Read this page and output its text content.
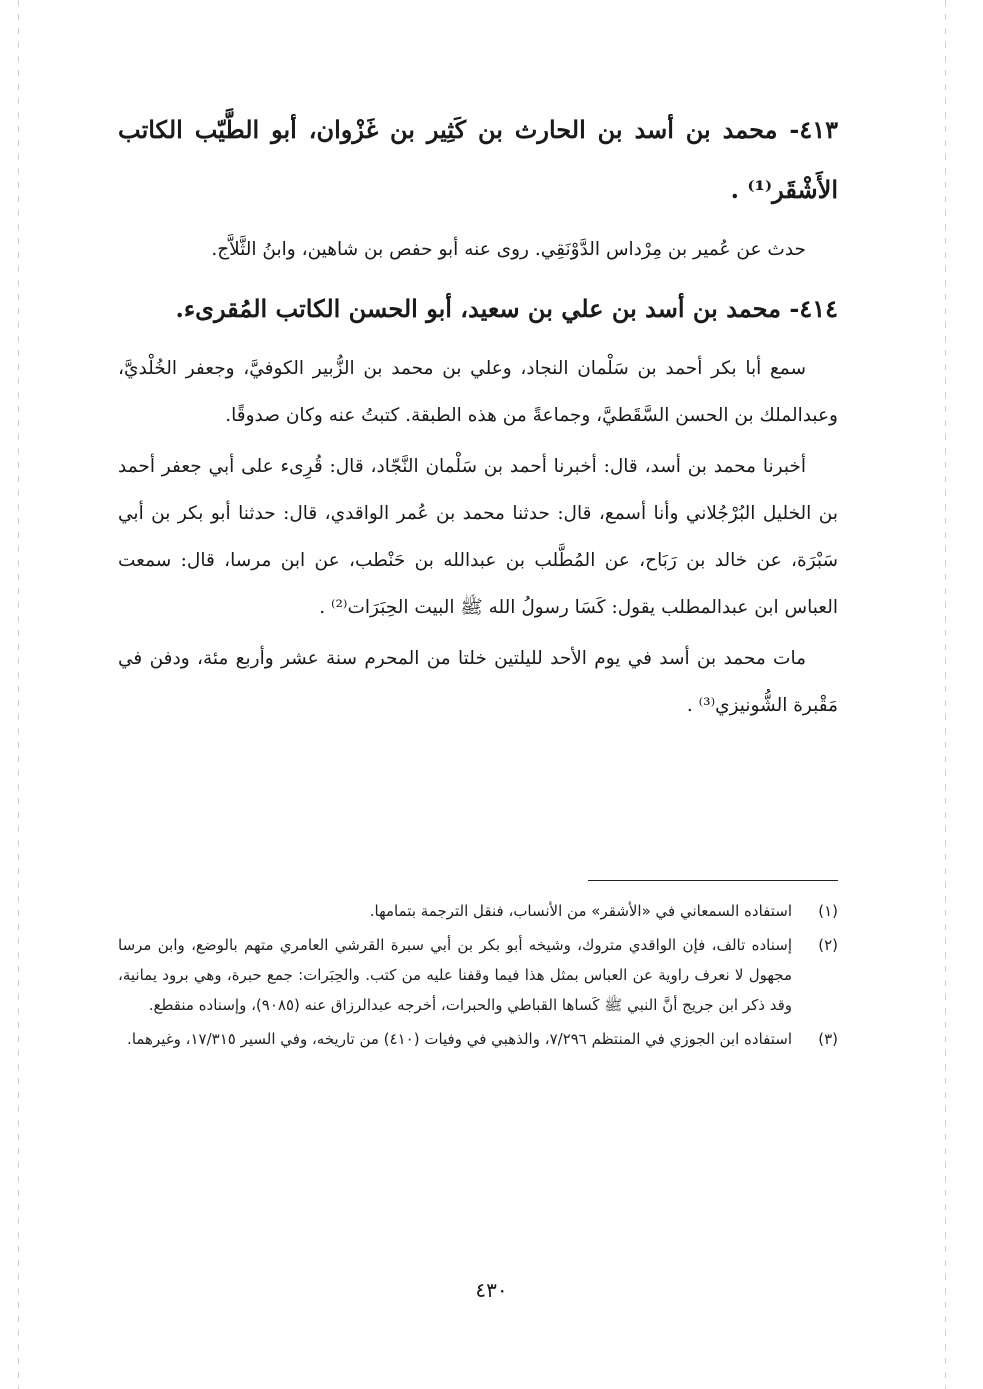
٤١٣- محمد بن أسد بن الحارث بن كَثِير بن غَزْوان، أبو الطَّيّب الكاتب الأَشْقَر⁽¹⁾ .

حدث عن عُمير بن مِرْداس الدَّوْنَقِي. روى عنه أبو حفص بن شاهين، وابنُ الثَّلاَّج.

٤١٤- محمد بن أسد بن علي بن سعيد، أبو الحسن الكاتب المُقرىء.

سمع أبا بكر أحمد بن سَلْمان النجاد، وعلي بن محمد بن الزُّبير الكوفيَّ، وجعفر الخُلْديَّ، وعبدالملك بن الحسن السَّقَطيَّ، وجماعةً من هذه الطبقة. كتبتُ عنه وكان صدوقًا.

أخبرنا محمد بن أسد، قال: أخبرنا أحمد بن سَلْمان النَّجّاد، قال: قُرِىء على أبي جعفر أحمد بن الخليل البُرْجُلاني وأنا أسمع، قال: حدثنا محمد بن عُمر الواقدي، قال: حدثنا أبو بكر بن أبي سَبْرَة، عن خالد بن رَبَاح، عن المُطَّلب بن عبدالله بن حَنْطب، عن ابن مرسا، قال: سمعت العباس ابن عبدالمطلب يقول: كَسَا رسولُ الله ﷺ البيت الحِبَرَات⁽²⁾ .

مات محمد بن أسد في يوم الأحد لليلتين خلتا من المحرم سنة عشر وأربع مئة، ودفن في مَقْبرة الشُّونيزي⁽³⁾ .

(١)
استفاده السمعاني في «الأشقر» من الأنساب، فنقل الترجمة بتمامها.
(٢)
إسناده تالف، فإن الواقدي متروك، وشيخه أبو بكر بن أبي سبرة القرشي العامري متهم بالوضع، وابن مرسا مجهول لا نعرف راوية عن العباس بمثل هذا فيما وقفنا عليه من كتب. والحِبَرات: جمع حبرة، وهي برود يمانية، وقد ذكر ابن جريج أنَّ النبي ﷺ كَساها القباطي والحبرات، أخرجه عبدالرزاق عنه (٩٠٨٥)، وإسناده منقطع.
(٣)
استفاده ابن الجوزي في المنتظم ٧/٢٩٦، والذهبي في وفيات (٤١٠) من تاريخه، وفي السير ١٧/٣١٥، وغيرهما.
٤٣٠
